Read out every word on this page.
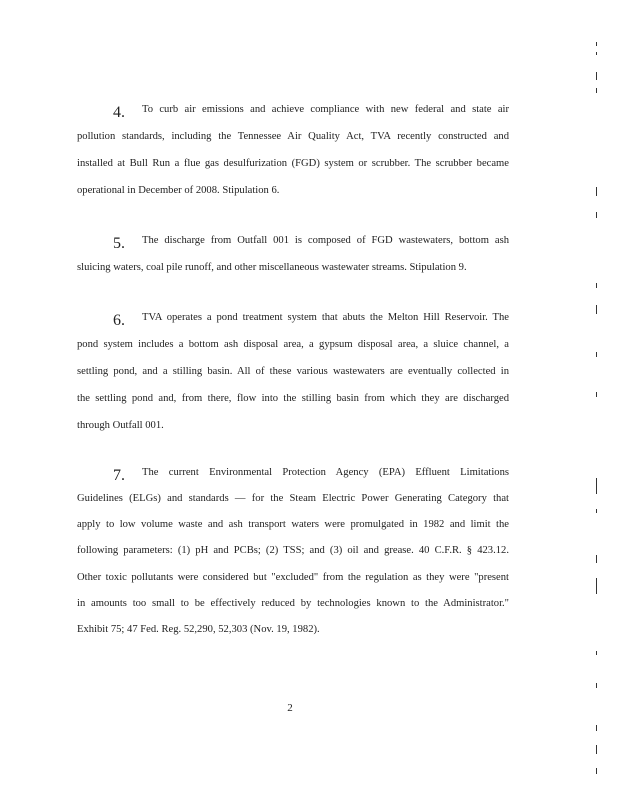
4. To curb air emissions and achieve compliance with new federal and state air
pollution standards, including the Tennessee Air Quality Act, TVA recently constructed and
installed at Bull Run a flue gas desulfurization (FGD) system or scrubber. The scrubber became
operational in December of 2008. Stipulation 6.
5. The discharge from Outfall 001 is composed of FGD wastewaters, bottom ash
sluicing waters, coal pile runoff, and other miscellaneous wastewater streams. Stipulation 9.
6. TVA operates a pond treatment system that abuts the Melton Hill Reservoir. The
pond system includes a bottom ash disposal area, a gypsum disposal area, a sluice channel, a
settling pond, and a stilling basin. All of these various wastewaters are eventually collected in
the settling pond and, from there, flow into the stilling basin from which they are discharged
through Outfall 001.
7. The current Environmental Protection Agency (EPA) Effluent Limitations
Guidelines (ELGs) and standards — for the Steam Electric Power Generating Category that
apply to low volume waste and ash transport waters were promulgated in 1982 and limit the
following parameters: (1) pH and PCBs; (2) TSS; and (3) oil and grease. 40 C.F.R. § 423.12.
Other toxic pollutants were considered but "excluded" from the regulation as they were "present
in amounts too small to be effectively reduced by technologies known to the Administrator."
Exhibit 75; 47 Fed. Reg. 52,290, 52,303 (Nov. 19, 1982).
2
